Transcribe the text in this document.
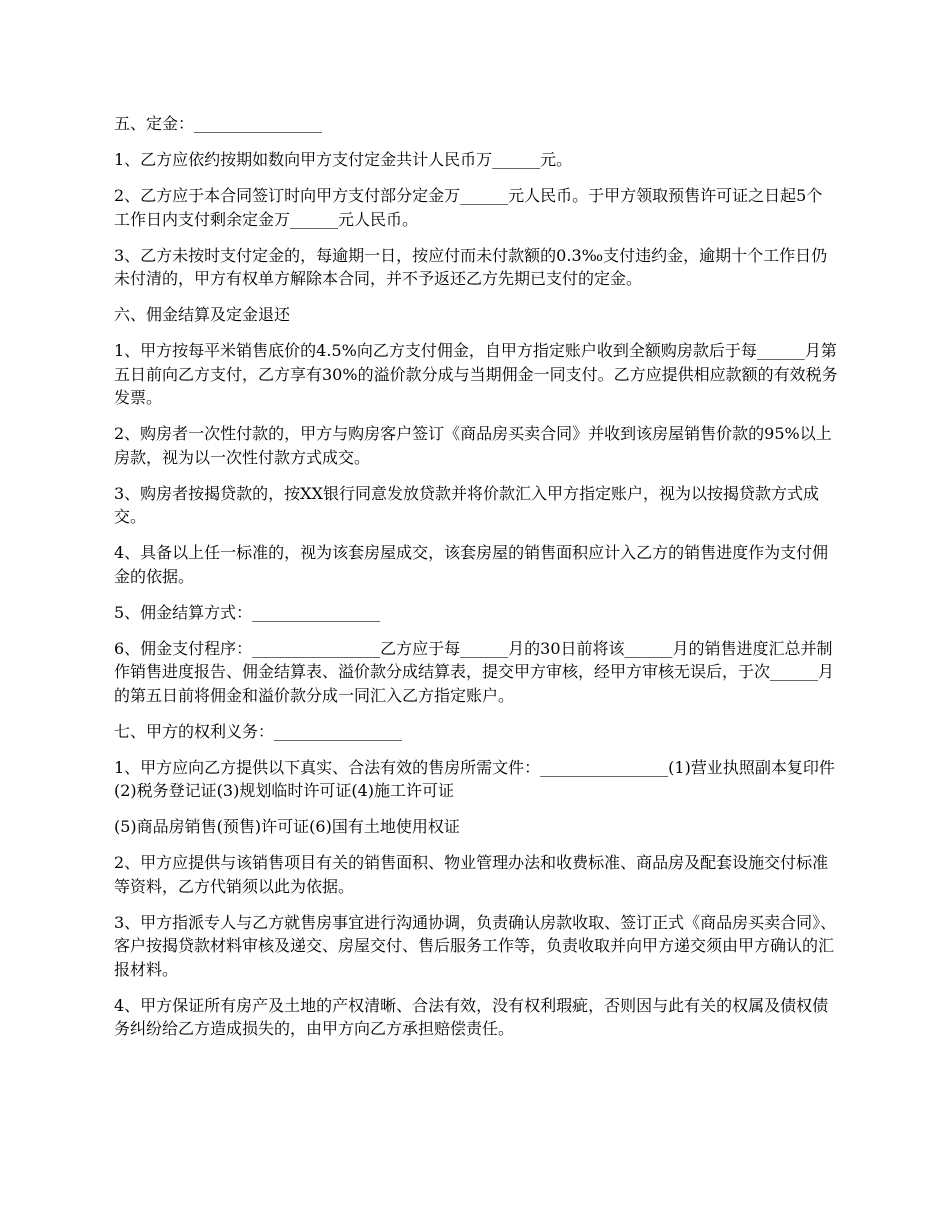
五、定金：________________

1、乙方应依约按期如数向甲方支付定金共计人民币万______元。

2、乙方应于本合同签订时向甲方支付部分定金万______元人民币。于甲方领取预售许可证之日起5个工作日内支付剩余定金万______元人民币。

3、乙方未按时支付定金的，每逾期一日，按应付而未付款额的0.3‰支付违约金，逾期十个工作日仍未付清的，甲方有权单方解除本合同，并不予返还乙方先期已支付的定金。

六、佣金结算及定金退还

1、甲方按每平米销售底价的4.5%向乙方支付佣金，自甲方指定账户收到全额购房款后于每______月第五日前向乙方支付，乙方享有30%的溢价款分成与当期佣金一同支付。乙方应提供相应款额的有效税务发票。

2、购房者一次性付款的，甲方与购房客户签订《商品房买卖合同》并收到该房屋销售价款的95%以上房款，视为以一次性付款方式成交。

3、购房者按揭贷款的，按XX银行同意发放贷款并将价款汇入甲方指定账户，视为以按揭贷款方式成交。

4、具备以上任一标准的，视为该套房屋成交，该套房屋的销售面积应计入乙方的销售进度作为支付佣金的依据。

5、佣金结算方式：________________

6、佣金支付程序：________________乙方应于每______月的30日前将该______月的销售进度汇总并制作销售进度报告、佣金结算表、溢价款分成结算表，提交甲方审核，经甲方审核无误后，于次______月的第五日前将佣金和溢价款分成一同汇入乙方指定账户。

七、甲方的权利义务：________________

1、甲方应向乙方提供以下真实、合法有效的售房所需文件：________________(1)营业执照副本复印件(2)税务登记证(3)规划临时许可证(4)施工许可证

(5)商品房销售(预售)许可证(6)国有土地使用权证

2、甲方应提供与该销售项目有关的销售面积、物业管理办法和收费标准、商品房及配套设施交付标准等资料，乙方代销须以此为依据。

3、甲方指派专人与乙方就售房事宜进行沟通协调，负责确认房款收取、签订正式《商品房买卖合同》、客户按揭贷款材料审核及递交、房屋交付、售后服务工作等，负责收取并向甲方递交须由甲方确认的汇报材料。

4、甲方保证所有房产及土地的产权清晰、合法有效，没有权利瑕疵，否则因与此有关的权属及债权债务纠纷给乙方造成损失的，由甲方向乙方承担赔偿责任。
